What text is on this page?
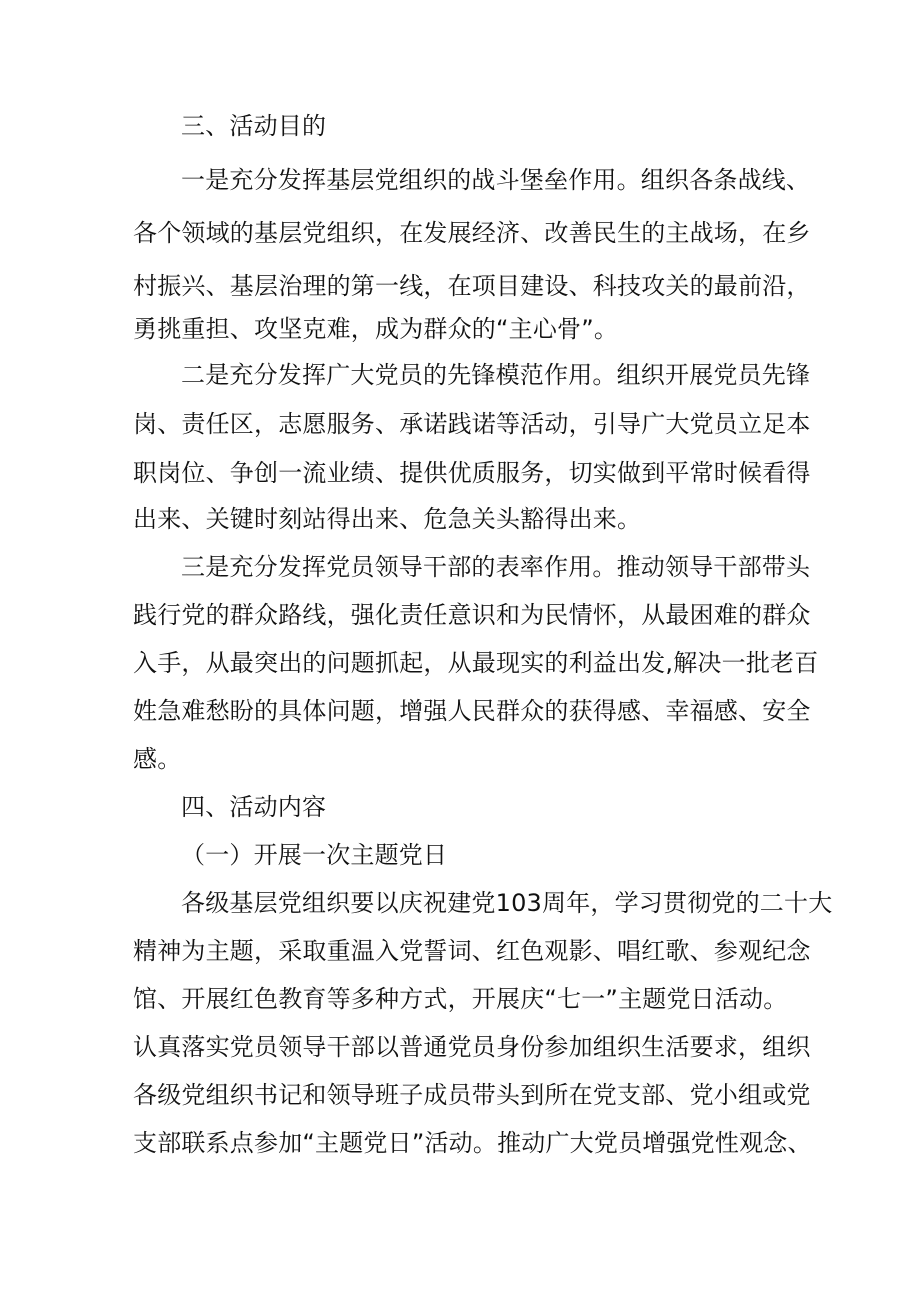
三、活动目的
一是充分发挥基层党组织的战斗堡垒作用。组织各条战线、
各个领域的基层党组织，在发展经济、改善民生的主战场，在乡
村振兴、基层治理的第一线，在项目建设、科技攻关的最前沿，
勇挑重担、攻坚克难，成为群众的“主心骨”。
二是充分发挥广大党员的先锋模范作用。组织开展党员先锋
岗、责任区，志愿服务、承诺践诺等活动，引导广大党员立足本
职岗位、争创一流业绩、提供优质服务，切实做到平常时候看得
出来、关键时刻站得出来、危急关头豁得出来。
三是充分发挥党员领导干部的表率作用。推动领导干部带头
践行党的群众路线，强化责任意识和为民情怀，从最困难的群众
入手，从最突出的问题抓起，从最现实的利益出发,解决一批老百
姓急难愁盼的具体问题，增强人民群众的获得感、幸福感、安全
感。
四、活动内容
（一）开展一次主题党日
各级基层党组织要以庆祝建党103周年，学习贯彻党的二十大
精神为主题，采取重温入党誓词、红色观影、唱红歌、参观纪念
馆、开展红色教育等多种方式，开展庆“七一”主题党日活动。
认真落实党员领导干部以普通党员身份参加组织生活要求，组织
各级党组织书记和领导班子成员带头到所在党支部、党小组或党
支部联系点参加“主题党日”活动。推动广大党员增强党性观念、
